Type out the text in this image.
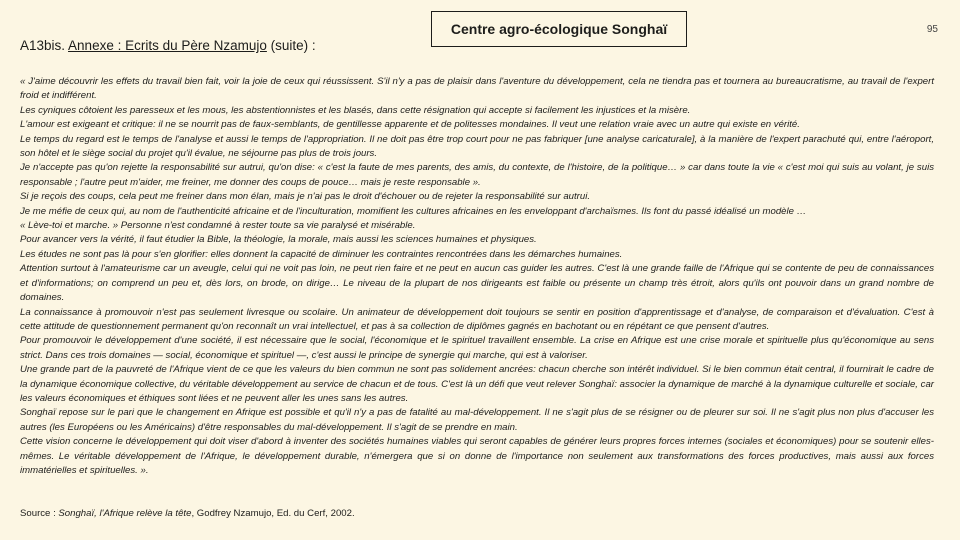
A13bis. Annexe : Ecrits du Père Nzamujo (suite) :
Centre agro-écologique Songhaï	95

« J'aime découvrir les effets du travail bien fait, voir la joie de ceux qui réussissent. S'il n'y a pas de plaisir dans l'aventure du développement, cela ne tiendra pas et tournera au bureaucratisme, au travail de l'expert froid et indifférent.

Les cyniques côtoient les paresseux et les mous, les abstentionnistes et les blasés, dans cette résignation qui accepte si facilement les injustices et la misère.

L'amour est exigeant et critique: il ne se nourrit pas de faux-semblants, de gentillesse apparente et de politesses mondaines. Il veut une relation vraie avec un autre qui existe en vérité.

Le temps du regard est le temps de l'analyse et aussi le temps de l'appropriation. Il ne doit pas être trop court pour ne pas fabriquer [une analyse caricaturale], à la manière de l'expert parachuté qui, entre l'aéroport, son hôtel et le siège social du projet qu'il évalue, ne séjourne pas plus de trois jours.

Je n'accepte pas qu'on rejette la responsabilité sur autrui, qu'on dise: « c'est la faute de mes parents, des amis, du contexte, de l'histoire, de la politique… » car dans toute la vie « c'est moi qui suis au volant, je suis responsable ; l'autre peut m'aider, me freiner, me donner des coups de pouce… mais je reste responsable ».

Si je reçois des coups, cela peut me freiner dans mon élan, mais je n'ai pas le droit d'échouer ou de rejeter la responsabilité sur autrui.

Je me méfie de ceux qui, au nom de l'authenticité africaine et de l'inculturation, momifient les cultures africaines en les enveloppant d'archaïsmes. Ils font du passé idéalisé un modèle …

« Lève-toi et marche. » Personne n'est condamné à rester toute sa vie paralysé et misérable.

Pour avancer vers la vérité, il faut étudier la Bible, la théologie, la morale, mais aussi les sciences humaines et physiques.

Les études ne sont pas là pour s'en glorifier: elles donnent la capacité de diminuer les contraintes rencontrées dans les démarches humaines.

Attention surtout à l'amateurisme car un aveugle, celui qui ne voit pas loin, ne peut rien faire et ne peut en aucun cas guider les autres. C'est là une grande faille de l'Afrique qui se contente de peu de connaissances et d'informations; on comprend un peu et, dès lors, on brode, on dirige… Le niveau de la plupart de nos dirigeants est faible ou présente un champ très étroit, alors qu'ils ont pouvoir dans un grand nombre de domaines.

La connaissance à promouvoir n'est pas seulement livresque ou scolaire. Un animateur de développement doit toujours se sentir en position d'apprentissage et d'analyse, de comparaison et d'évaluation. C'est à cette attitude de questionnement permanent qu'on reconnaît un vrai intellectuel, et pas à sa collection de diplômes gagnés en bachotant ou en répétant ce que pensent d'autres.

Pour promouvoir le développement d'une société, il est nécessaire que le social, l'économique et le spirituel travaillent ensemble. La crise en Afrique est une crise morale et spirituelle plus qu'économique au sens strict. Dans ces trois domaines — social, économique et spirituel —, c'est aussi le principe de synergie qui marche, qui est à valoriser.

Une grande part de la pauvreté de l'Afrique vient de ce que les valeurs du bien commun ne sont pas solidement ancrées: chacun cherche son intérêt individuel. Si le bien commun était central, il fournirait le cadre de la dynamique économique collective, du véritable développement au service de chacun et de tous. C'est là un défi que veut relever Songhaï: associer la dynamique de marché à la dynamique culturelle et sociale, car les valeurs économiques et éthiques sont liées et ne peuvent aller les unes sans les autres.

Songhaï repose sur le pari que le changement en Afrique est possible et qu'il n'y a pas de fatalité au mal-développement. Il ne s'agit plus de se résigner ou de pleurer sur soi. Il ne s'agit plus non plus d'accuser les autres (les Européens ou les Américains) d'être responsables du mal-développement. Il s'agit de se prendre en main.

Cette vision concerne le développement qui doit viser d'abord à inventer des sociétés humaines viables qui seront capables de générer leurs propres forces internes (sociales et économiques) pour se soutenir elles-mêmes. Le véritable développement de l'Afrique, le développement durable, n'émergera que si on donne de l'importance non seulement aux transformations des forces productives, mais aussi aux forces immatérielles et spirituelles. ».

Source : Songhaï, l'Afrique relève la tête, Godfrey Nzamujo, Ed. du Cerf, 2002.
